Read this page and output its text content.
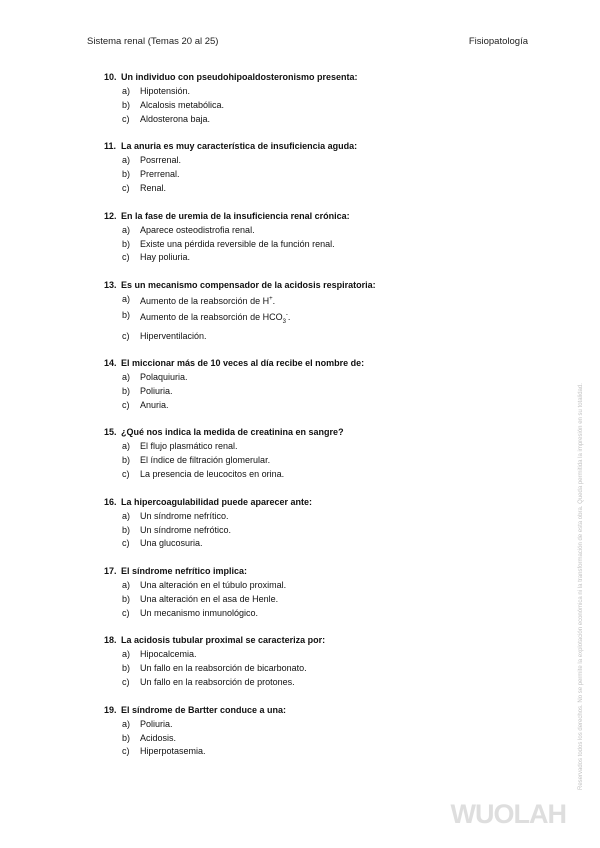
Sistema renal (Temas 20 al 25)	Fisiopatología
10. Un individuo con pseudohipoaldosteronismo presenta:
a)	Hipotensión.
b)	Alcalosis metabólica.
c)	Aldosterona baja.
11. La anuria es muy característica de insuficiencia aguda:
a)	Posrrenal.
b)	Prerrenal.
c)	Renal.
12. En la fase de uremia de la insuficiencia renal crónica:
a)	Aparece osteodistrofia renal.
b)	Existe una pérdida reversible de la función renal.
c)	Hay poliuria.
13. Es un mecanismo compensador de la acidosis respiratoria:
a)	Aumento de la reabsorción de H+.
b)	Aumento de la reabsorción de $HCO_3^-$.
c)	Hiperventilación.
14. El miccionar más de 10 veces al día recibe el nombre de:
a)	Polaquiuria.
b)	Poliuria.
c)	Anuria.
15. ¿Qué nos indica la medida de creatinina en sangre?
a)	El flujo plasmático renal.
b)	El índice de filtración glomerular.
c)	La presencia de leucocitos en orina.
16. La hipercoagulabilidad puede aparecer ante:
a)	Un síndrome nefrítico.
b)	Un síndrome nefrótico.
c)	Una glucosuria.
17. El síndrome nefrítico implica:
a)	Una alteración en el túbulo proximal.
b)	Una alteración en el asa de Henle.
c)	Un mecanismo inmunológico.
18. La acidosis tubular proximal se caracteriza por:
a)	Hipocalcemia.
b)	Un fallo en la reabsorción de bicarbonato.
c)	Un fallo en la reabsorción de protones.
19. El síndrome de Bartter conduce a una:
a)	Poliuria.
b)	Acidosis.
c)	Hiperpotasemia.	Reservados todos los derechos. No se permite la explotación económica ni la transformación de esta obra. Queda permitida la impresión en su totalidad.
WUOLAH
